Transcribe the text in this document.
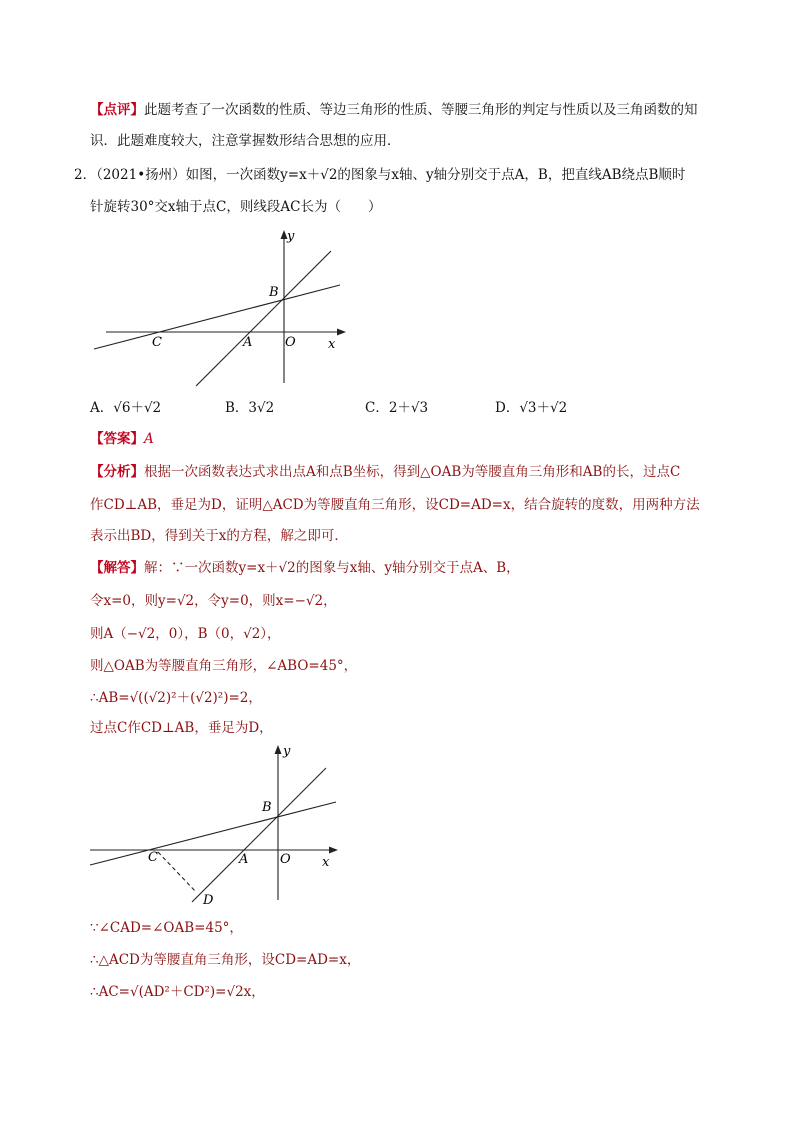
【点评】此题考查了一次函数的性质、等边三角形的性质、等腰三角形的判定与性质以及三角函数的知
识．此题难度较大，注意掌握数形结合思想的应用．
2．（2021•扬州）如图，一次函数y=x＋√2的图象与x轴、y轴分别交于点A，B，把直线AB绕点B顺时
针旋转30°交x轴于点C，则线段AC长为（　　）
y
B
C	A	O x
A．√6＋√2	B．3√2	C．2＋√3	D．√3＋√2
【答案】A
【分析】根据一次函数表达式求出点A和点B坐标，得到△OAB为等腰直角三角形和AB的长，过点C
作CD⊥AB，垂足为D，证明△ACD为等腰直角三角形，设CD=AD=x，结合旋转的度数，用两种方法
表示出BD，得到关于x的方程，解之即可．
【解答】解：∵一次函数y=x＋√2的图象与x轴、y轴分别交于点A、B，
令x=0，则y=√2，令y=0，则x=−√2，
则A（−√2，0），B（0，√2），
则△OAB为等腰直角三角形，∠ABO=45°，
∴AB=√((√2)²＋(√2)²)=2，
过点C作CD⊥AB，垂足为D，
y
B
C	A O x
D
∵∠CAD=∠OAB=45°，
∴△ACD为等腰直角三角形，设CD=AD=x，
∴AC=√(AD²＋CD²)=√2x，
